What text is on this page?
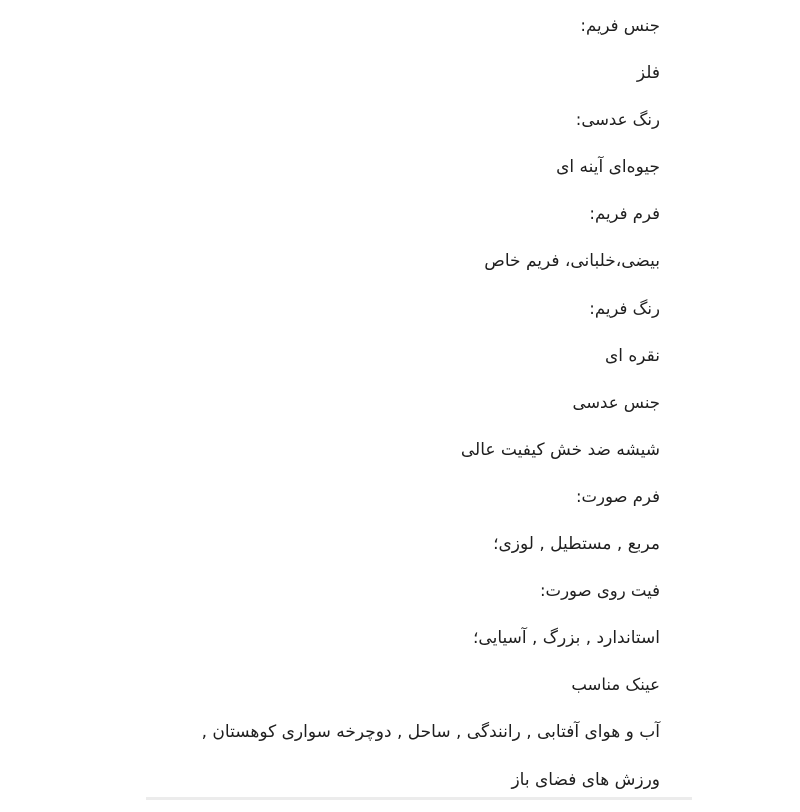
جنس فریم:
فلز
رنگ عدسی:
جیوه‌ای آینه ای
فرم فریم:
بیضی،خلبانی، فریم خاص
رنگ فریم:
نقره ای
جنس عدسی
شیشه ضد خش کیفیت عالی
فرم صورت:
مربع , مستطیل , لوزی؛
فیت روی صورت:
استاندارد , بزرگ , آسیایی؛
عینک مناسب
آب و هوای آفتابی , رانندگی , ساحل , دوچرخه سواری کوهستان ,
ورزش های فضای باز
